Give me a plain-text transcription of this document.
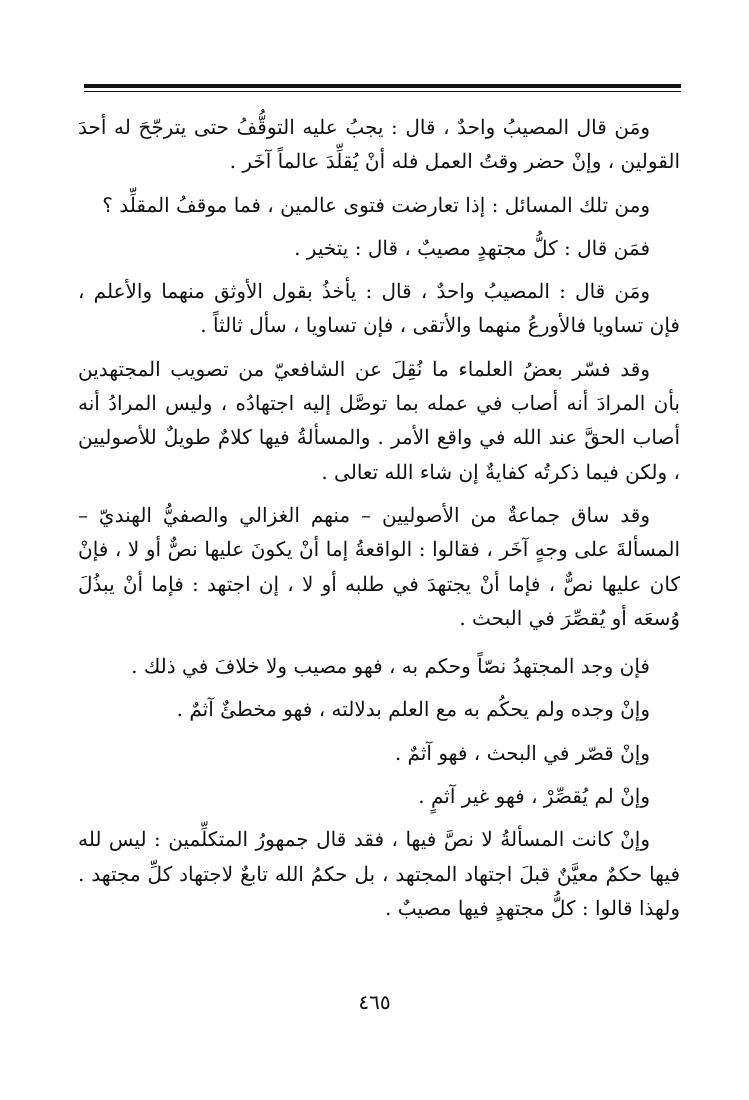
ومَن قال المصيبُ واحدٌ ، قال : يجبُ عليه التوقُّفُ حتى يترجّحَ له أحدَ القولين ، وإنْ حضر وقتُ العمل فله أنْ يُقلِّدَ عالماً آخَر .

ومن تلك المسائل : إذا تعارضت فتوى عالمين ، فما موقفُ المقلِّد ؟

فمَن قال : كلُّ مجتهدٍ مصيبٌ ، قال : يتخير .

ومَن قال : المصيبُ واحدٌ ، قال : يأخذُ بقول الأوثق منهما والأعلم ، فإن تساويا فالأورعُ منهما والأتقى ، فإن تساويا ، سأل ثالثاً .

وقد فسّر بعضُ العلماء ما نُقِلَ عن الشافعيّ من تصويب المجتهدين بأن المرادَ أنه أصاب في عمله بما توصَّل إليه اجتهادُه ، وليس المرادُ أنه أصاب الحقَّ عند الله في واقع الأمر . والمسألةُ فيها كلامٌ طويلٌ للأصوليين ، ولكن فيما ذكرتُه كفايةٌ إن شاء الله تعالى .

وقد ساق جماعةٌ من الأصوليين – منهم الغزالي والصفيُّ الهنديّ – المسألةَ على وجهٍ آخَر ، فقالوا : الواقعةُ إما أنْ يكونَ عليها نصٌّ أو لا ، فإنْ كان عليها نصٌّ ، فإما أنْ يجتهدَ في طلبه أو لا ، إن اجتهد : فإما أنْ يبذُلَ وُسعَه أو يُقصِّرَ في البحث .

فإن وجد المجتهدُ نصّاً وحكم به ، فهو مصيب ولا خلافَ في ذلك .

وإنْ وجده ولم يحكُم به مع العلم بدلالته ، فهو مخطئٌ آثمٌ .

وإنْ قصّر في البحث ، فهو آثمٌ .

وإنْ لم يُقصِّرْ ، فهو غير آثمٍ .

وإنْ كانت المسألةُ لا نصَّ فيها ، فقد قال جمهورُ المتكلِّمين : ليس لله فيها حكمٌ معيَّنٌ قبلَ اجتهاد المجتهد ، بل حكمُ الله تابعٌ لاجتهاد كلِّ مجتهد . ولهذا قالوا : كلُّ مجتهدٍ فيها مصيبٌ .

٤٦٥
